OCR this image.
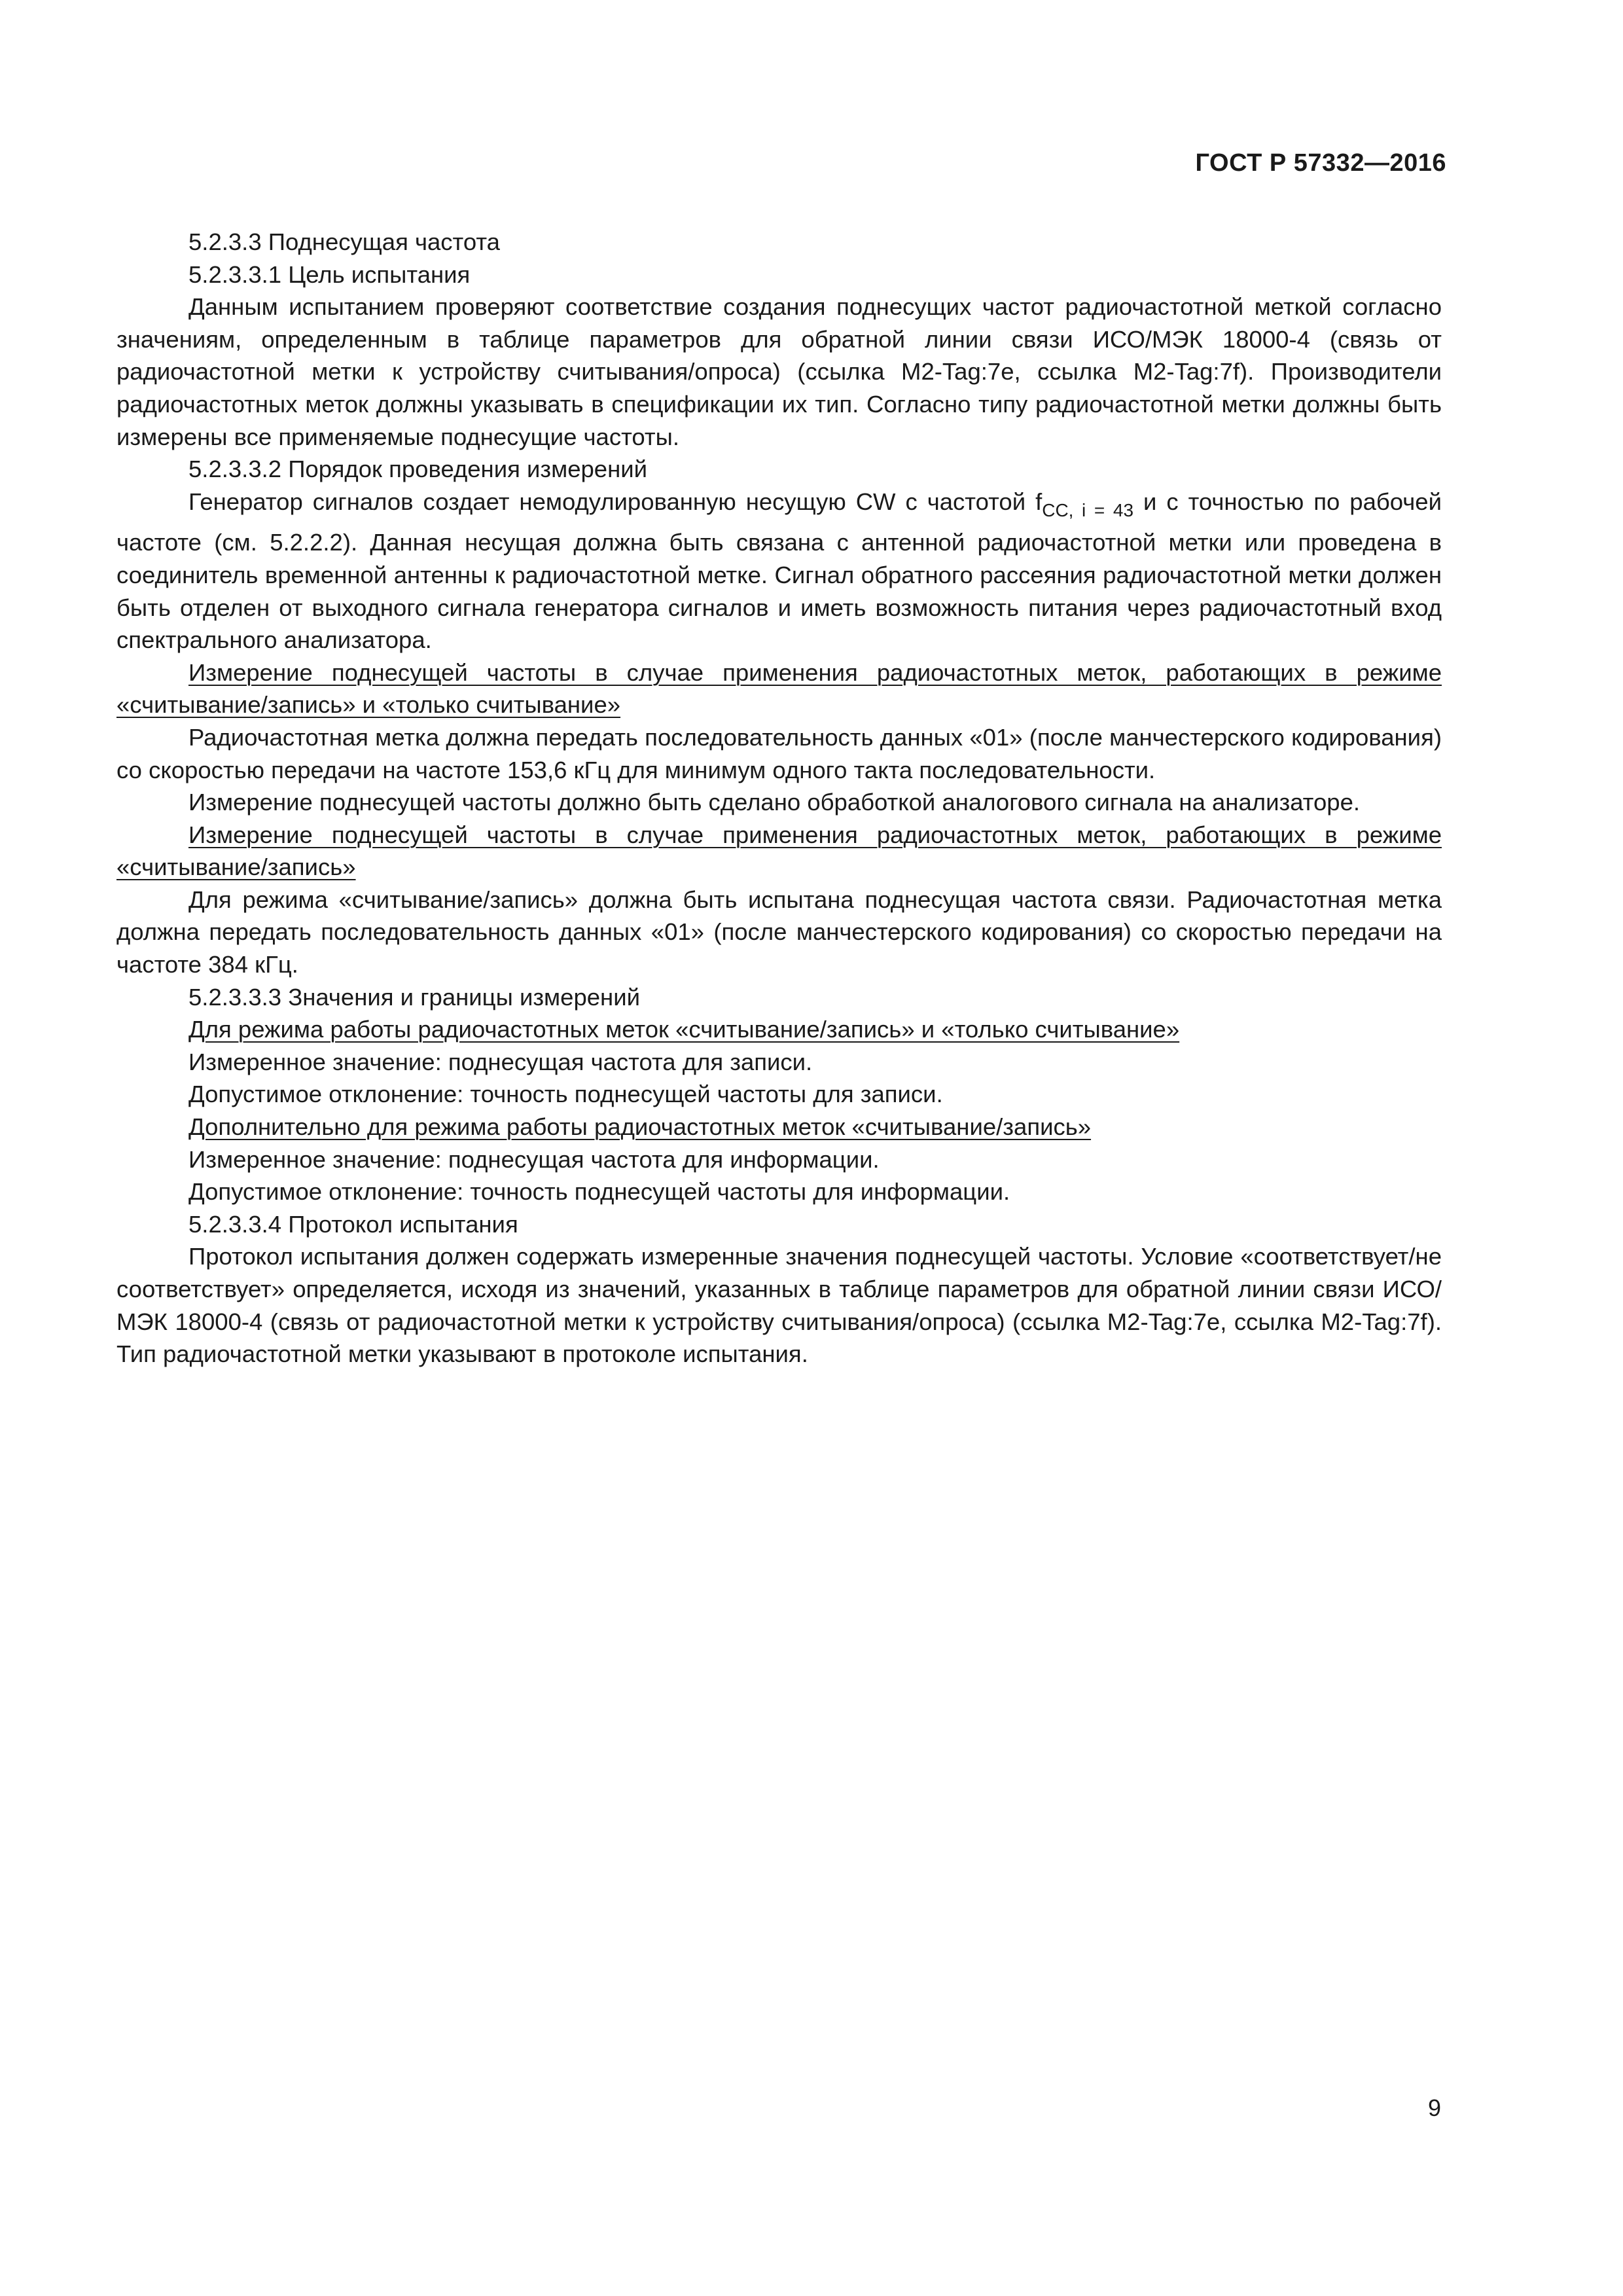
ГОСТ Р 57332—2016

5.2.3.3 Поднесущая частота

5.2.3.3.1 Цель испытания

Данным испытанием проверяют соответствие создания поднесущих частот радиочастотной меткой согласно значениям, определенным в таблице параметров для обратной линии связи ИСО/МЭК 18000-4 (связь от радиочастотной метки к устройству считывания/опроса) (ссылка M2-Tag:7e, ссылка M2-Tag:7f). Производители радиочастотных меток должны указывать в спецификации их тип. Согласно типу радиочастотной метки должны быть измерены все применяемые поднесущие частоты.

5.2.3.3.2 Порядок проведения измерений

Генератор сигналов создает немодулированную несущую CW с частотой $f_{CC, i = 43}$ и с точностью по рабочей частоте (см. 5.2.2.2). Данная несущая должна быть связана с антенной радиочастотной метки или проведена в соединитель временной антенны к радиочастотной метке. Сигнал обратного рассеяния радиочастотной метки должен быть отделен от выходного сигнала генератора сигналов и иметь возможность питания через радиочастотный вход спектрального анализатора.

Измерение поднесущей частоты в случае применения радиочастотных меток, работающих в режиме «считывание/запись» и «только считывание»

Радиочастотная метка должна передать последовательность данных «01» (после манчестерского кодирования) со скоростью передачи на частоте 153,6 кГц для минимум одного такта последовательности.

Измерение поднесущей частоты должно быть сделано обработкой аналогового сигнала на анализаторе.

Измерение поднесущей частоты в случае применения радиочастотных меток, работающих в режиме «считывание/запись»

Для режима «считывание/запись» должна быть испытана поднесущая частота связи. Радиочастотная метка должна передать последовательность данных «01» (после манчестерского кодирования) со скоростью передачи на частоте 384 кГц.

5.2.3.3.3 Значения и границы измерений

Для режима работы радиочастотных меток «считывание/запись» и «только считывание»

Измеренное значение: поднесущая частота для записи.

Допустимое отклонение: точность поднесущей частоты для записи.

Дополнительно для режима работы радиочастотных меток «считывание/запись»

Измеренное значение: поднесущая частота для информации.

Допустимое отклонение: точность поднесущей частоты для информации.

5.2.3.3.4 Протокол испытания

Протокол испытания должен содержать измеренные значения поднесущей частоты. Условие «соответствует/не соответствует» определяется, исходя из значений, указанных в таблице параметров для обратной линии связи ИСО/МЭК 18000-4 (связь от радиочастотной метки к устройству считывания/опроса) (ссылка M2-Tag:7e, ссылка M2-Tag:7f). Тип радиочастотной метки указывают в протоколе испытания.

9
